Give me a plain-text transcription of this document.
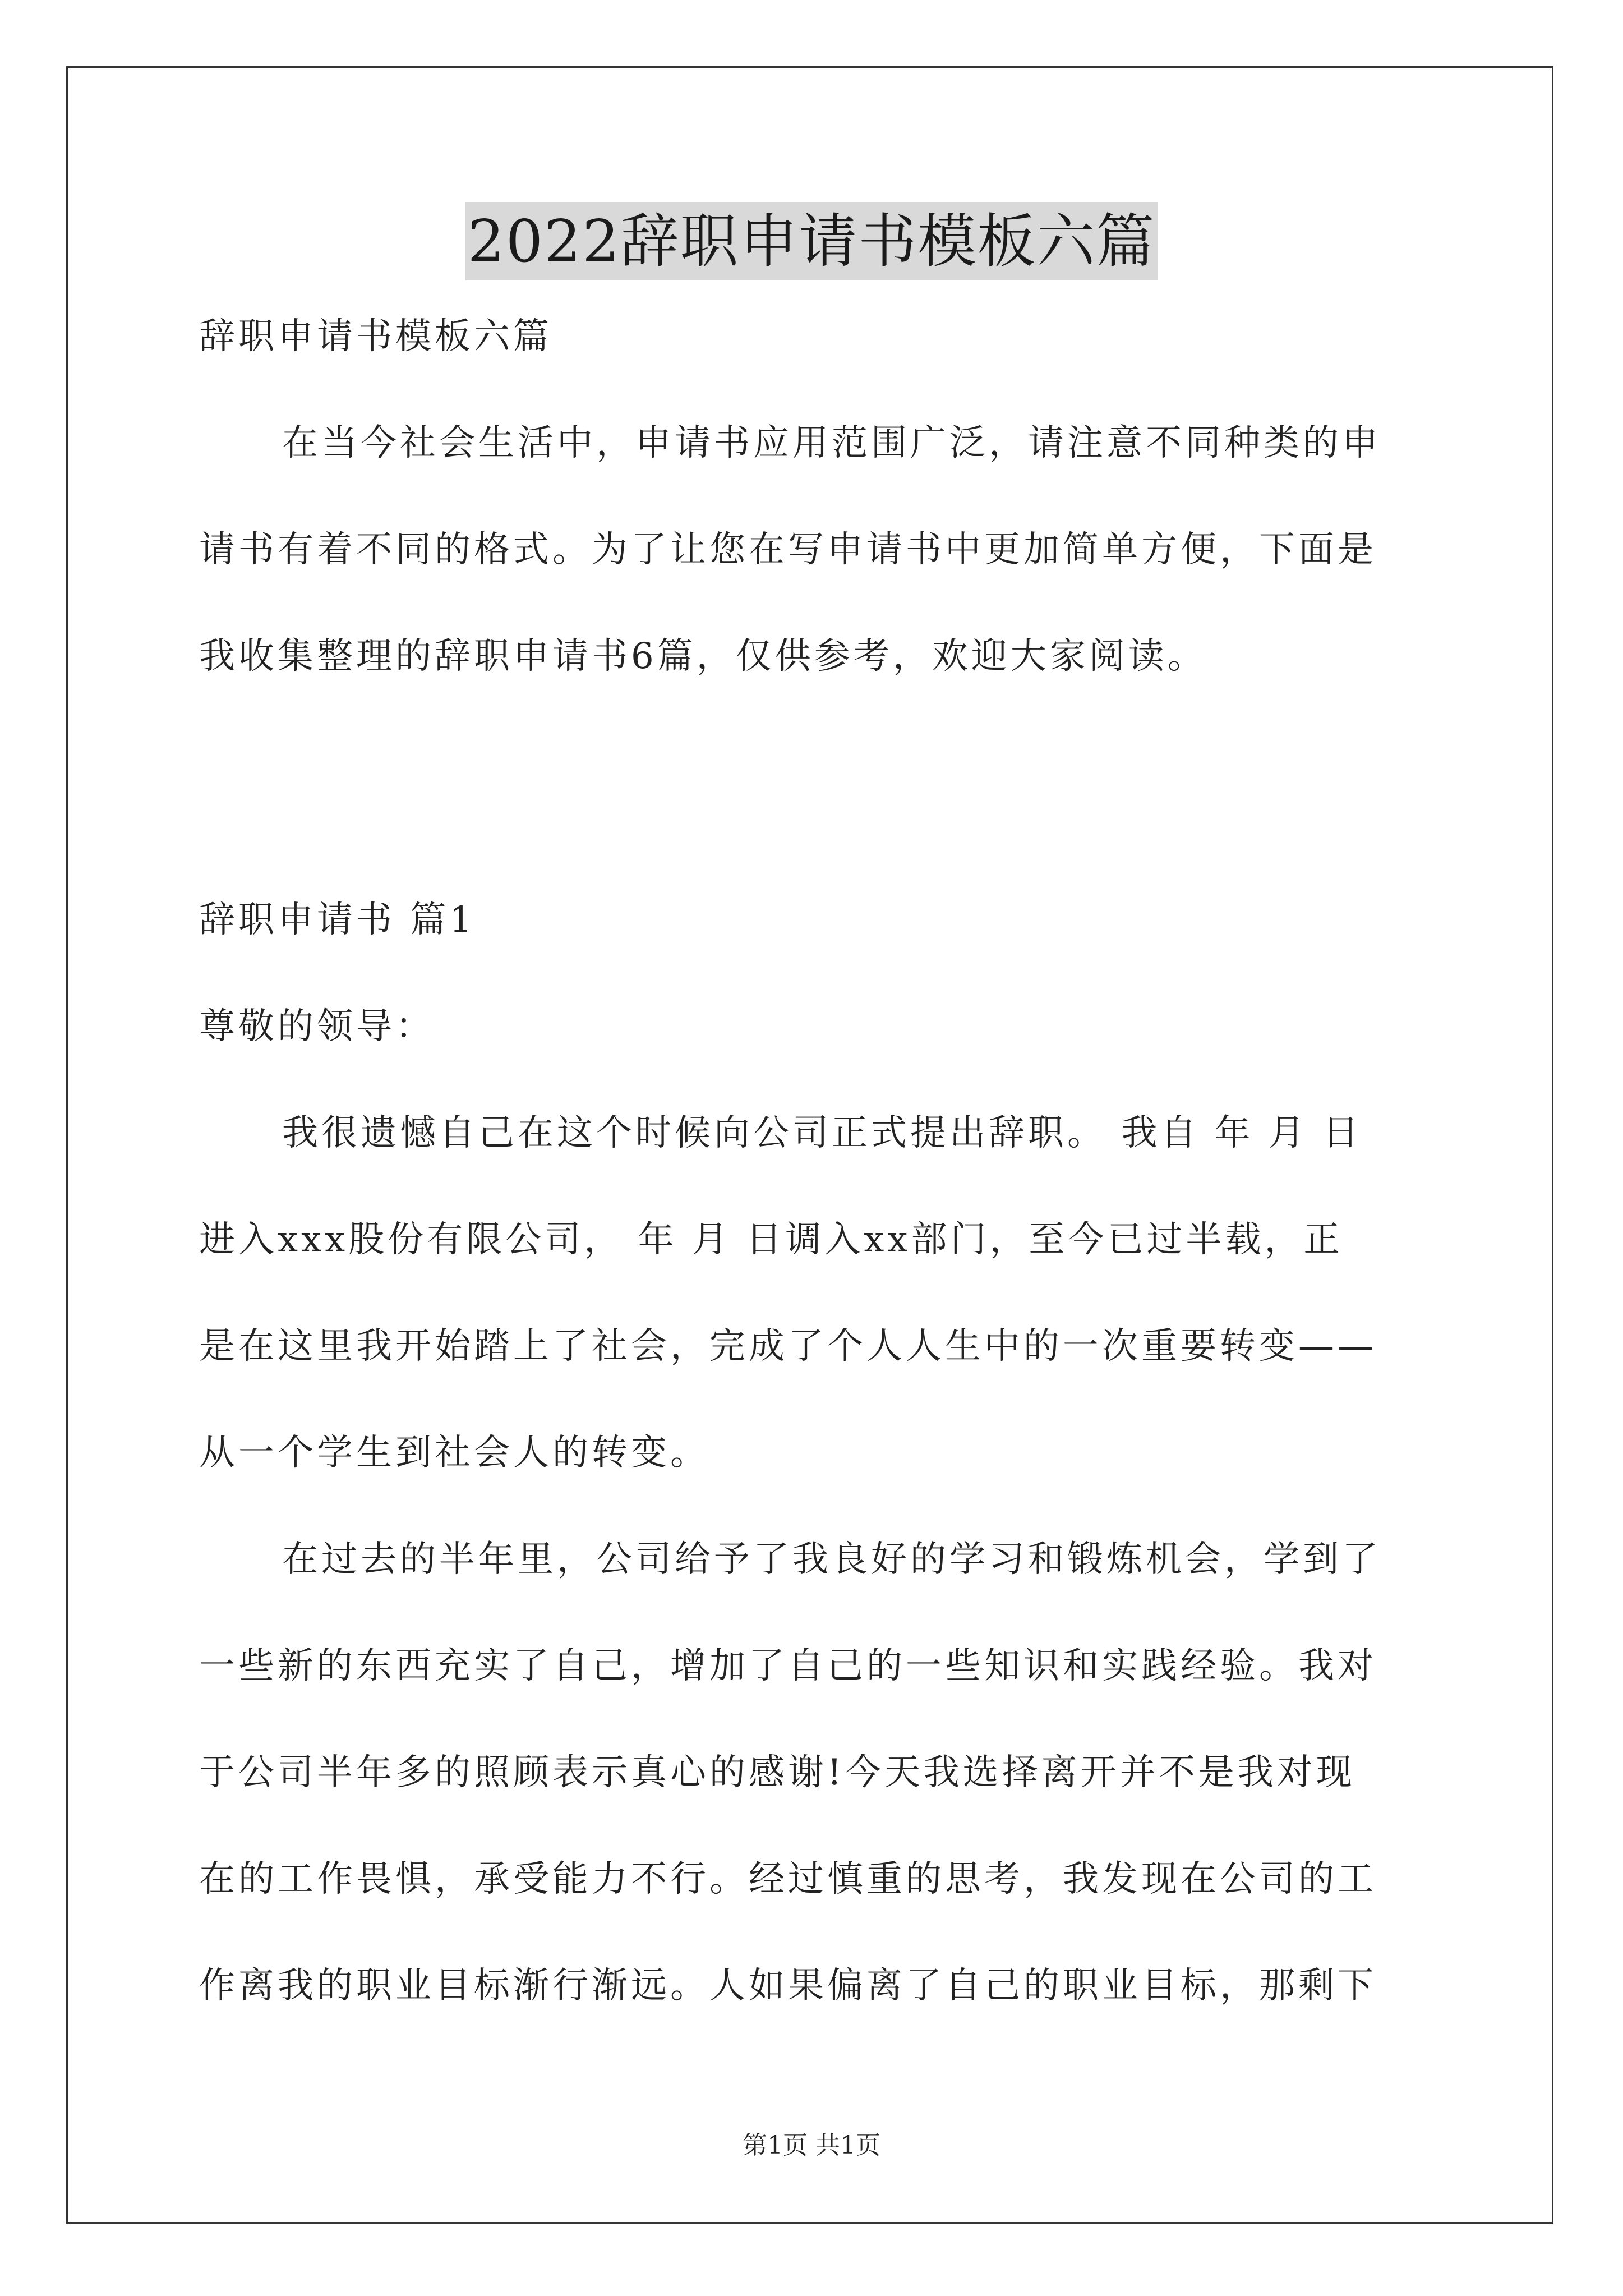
2022辞职申请书模板六篇
辞职申请书模板六篇
在当今社会生活中，申请书应用范围广泛，请注意不同种类的申
请书有着不同的格式。为了让您在写申请书中更加简单方便，下面是
我收集整理的辞职申请书6篇，仅供参考，欢迎大家阅读。
辞职申请书 篇1
尊敬的领导：
我很遗憾自己在这个时候向公司正式提出辞职。 我自 年 月 日
进入xxx股份有限公司， 年 月 日调入xx部门，至今已过半载，正
是在这里我开始踏上了社会，完成了个人人生中的一次重要转变——
从一个学生到社会人的转变。
在过去的半年里，公司给予了我良好的学习和锻炼机会，学到了
一些新的东西充实了自己，增加了自己的一些知识和实践经验。我对
于公司半年多的照顾表示真心的感谢!今天我选择离开并不是我对现
在的工作畏惧，承受能力不行。经过慎重的思考，我发现在公司的工
作离我的职业目标渐行渐远。人如果偏离了自己的职业目标，那剩下
第1页 共1页
